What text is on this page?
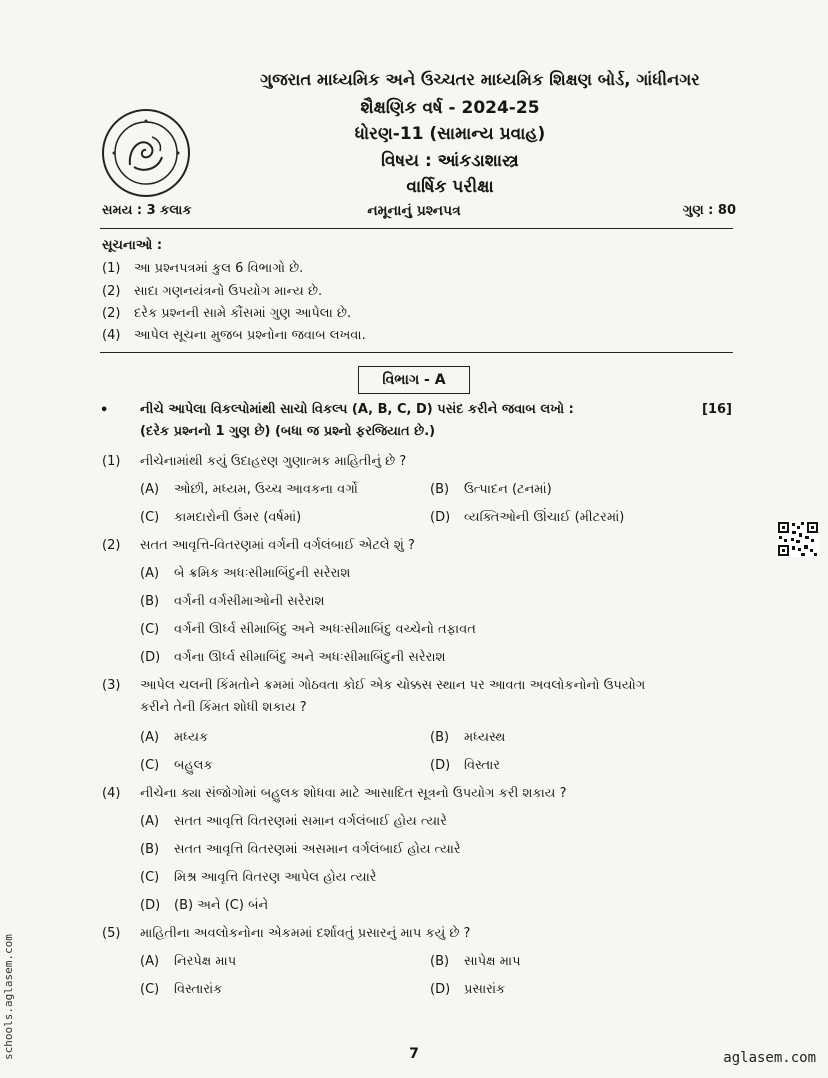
ગુજરાત માધ્યમિક અને ઉચ્ચતર માધ્યમિક શિક્ષણ બોર્ડ, ગાંધીનગર
શૈક્ષણિક વર્ષ - 2024-25
ધોરણ-11 (સામાન્ય પ્રવાહ)
વિષય : આંકડાશાસ્ત્ર
વાર્ષિક પરીક્ષા
સમય : 3 કલાક	નમૂનાનું પ્રશ્નપત્ર	ગુણ : 80
સૂચનાઓ :
(1) આ પ્રશ્નપત્રમાં કુલ 6 વિભાગો છે.
(2) સાદા ગણનયંત્રનો ઉપયોગ માન્ય છે.
(2) દરેક પ્રશ્નની સામે કૌંસમાં ગુણ આપેલા છે.
(4) આપેલ સૂચના મુજબ પ્રશ્નોના જવાબ લખવા.
વિભાગ - A
• નીચે આપેલા વિકલ્પોમાંથી સાચો વિકલ્પ (A, B, C, D) પસંદ કરીને જવાબ લખો :
(દરેક પ્રશ્નનો 1 ગુણ છે) (બધા જ પ્રશ્નો ફરજિયાત છે.)
[16]
(1) નીચેનામાંથી કયું ઉદાહરણ ગુણાત્મક માહિતીનું છે ?
(A) ઓછી, મધ્યમ, ઉચ્ચ આવકના વર્ગો	(B) ઉત્પાદન (ટનમાં)
(C) કામદારોની ઉંમર (વર્ષમાં)	(D) વ્યક્તિઓની ઊંચાઈ (મીટરમાં)
(2) સતત આવૃત્તિ-વિતરણમાં વર્ગની વર્ગલંબાઈ એટલે શું ?
(A) બે ક્રમિક અધઃસીમાબિંદુની સરેરાશ
(B) વર્ગની વર્ગસીમાઓની સરેરાશ
(C) વર્ગની ઊર્ધ્વ સીમાબિંદુ અને અધઃસીમાબિંદુ વચ્ચેનો તફાવત
(D) વર્ગના ઊર્ધ્વ સીમાબિંદુ અને અધઃસીમાબિંદુની સરેરાશ
(3) આપેલ ચલની કિંમતોને ક્રમમાં ગોઠવતા કોઈ એક ચોક્કસ સ્થાન પર આવતા અવલોકનોનો ઉપયોગ
કરીને તેની કિંમત શોધી શકાય ?
(A) મધ્યક	(B) મધ્યસ્થ
(C) બહુલક	(D) વિસ્તાર
(4) નીચેના ક્યા સંજોગોમાં બહુલક શોધવા માટે આસાદિત સૂત્રનો ઉપયોગ કરી શકાય ?
(A) સતત આવૃત્તિ વિતરણમાં સમાન વર્ગલંબાઈ હોય ત્યારે
(B) સતત આવૃત્તિ વિતરણમાં અસમાન વર્ગલંબાઈ હોય ત્યારે
(C) મિશ્ર આવૃત્તિ વિતરણ આપેલ હોય ત્યારે
(D) (B) અને (C) બંને
(5) માહિતીના અવલોકનોના એકમમાં દર્શાવતું પ્રસારનું માપ કયું છે ?
(A) નિરપેક્ષ માપ	(B) સાપેક્ષ માપ
(C) વિસ્તારાંક	(D) પ્રસારાંક
schools.aglasem.com	7	aglasem.com
